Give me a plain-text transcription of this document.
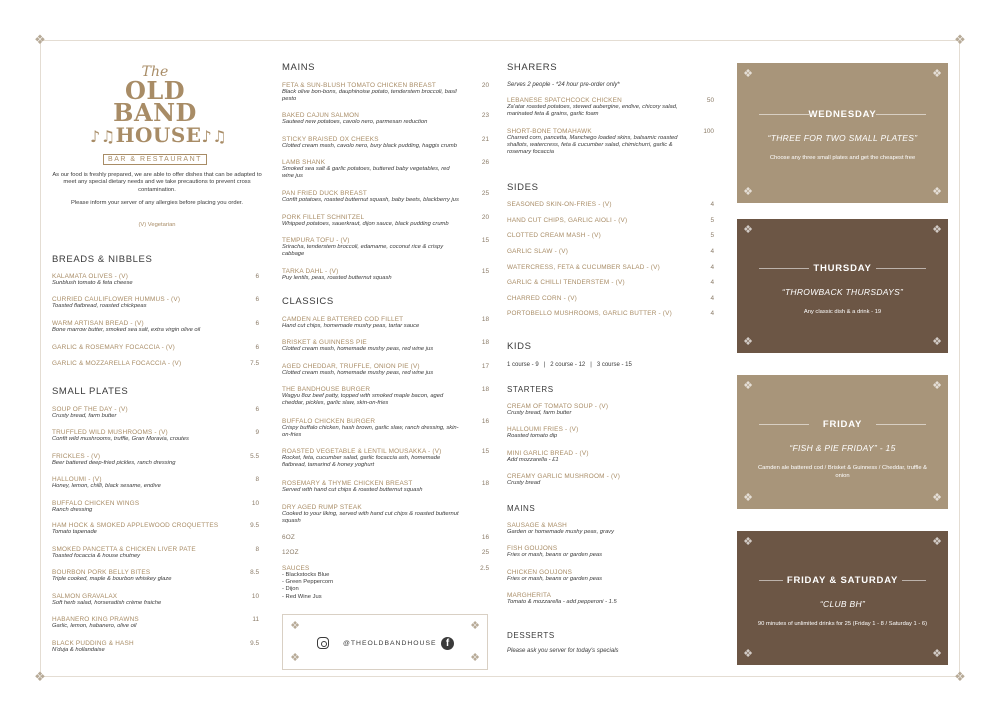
❖	❖
❖	❖
The
OLD BAND
♪♫HOUSE♪♫
BAR & RESTAURANT

As our food is freshly prepared, we are able to offer dishes that can be adapted to meet any special dietary needs and we take precautions to prevent cross contamination.

Please inform your server of any allergies before placing you order.

(V) Vegetarian

BREADS & NIBBLES
KALAMATA OLIVES - (V)	6
Sunblush tomato & feta cheese
CURRIED CAULIFLOWER HUMMUS - (V)	6
Toasted flatbread, roasted chickpeas
WARM ARTISAN BREAD - (V)	6
Bone marrow butter, smoked sea salt, extra virgin olive oil
GARLIC & ROSEMARY FOCACCIA - (V)	6
GARLIC & MOZZARELLA FOCACCIA - (V)	7.5
SMALL PLATES
SOUP OF THE DAY - (V)	6
Crusty bread, farm butter
TRUFFLED WILD MUSHROOMS - (V)	9
Confit wild mushrooms, truffle, Gran Moravia, croutes
FRICKLES - (V)	5.5
Beer battered deep-fried pickles, ranch dressing
HALLOUMI - (V)	8
Honey, lemon, chilli, black sesame, endive
BUFFALO CHICKEN WINGS	10
Ranch dressing
HAM HOCK & SMOKED APPLEWOOD CROQUETTES	9.5
Tomato tapenade
SMOKED PANCETTA & CHICKEN LIVER PATE	8
Toasted focaccia & house chutney
BOURBON PORK BELLY BITES	8.5
Triple cooked, maple & bourbon whiskey glaze
SALMON GRAVALAX	10
Soft herb salad, horseradish crème fraiche
HABANERO KING PRAWNS	11
Garlic, lemon, habanero, olive oil
BLACK PUDDING & HASH	9.5
N'duja & hollandaise
MAINS
FETA & SUN-BLUSH TOMATO CHICKEN BREAST	20
Black olive bon-bons, dauphinoise potato, tenderstem broccoli, basil pesto
BAKED CAJUN SALMON	23
Sauteed new potatoes, cavolo nero, parmesan reduction
STICKY BRAISED OX CHEEKS	21
Clotted cream mash, cavolo nero, bury black pudding, haggis crumb
LAMB SHANK	26
Smoked sea salt & garlic potatoes, buttered baby vegetables, red wine jus
PAN FRIED DUCK BREAST	25
Confit potatoes, roasted butternut squash, baby beets, blackberry jus
PORK FILLET SCHNITZEL	20
Whipped potatoes, sauerkraut, dijon sauce, black pudding crumb
TEMPURA TOFU - (V)	15
Sriracha, tenderstem broccoli, edamame, coconut rice & crispy cabbage
TARKA DAHL - (V)	15
Puy lentils, peas, roasted butternut squash
CLASSICS
CAMDEN ALE BATTERED COD FILLET	18
Hand cut chips, homemade mushy peas, tartar sauce
BRISKET & GUINNESS PIE	18
Clotted cream mash, homemade mushy peas, red wine jus
AGED CHEDDAR, TRUFFLE, ONION PIE (V)	17
Clotted cream mash, homemade mushy peas, red wine jus
THE BANDHOUSE BURGER	18
Wagyu 8oz beef patty, topped with smoked maple bacon, aged cheddar, pickles, garlic slaw, skin-on-fries
BUFFALO CHICKEN BURGER	16
Crispy buffalo chicken, hash brown, garlic slaw, ranch dressing, skin-on-fries
ROASTED VEGETABLE & LENTIL MOUSAKKA - (V)	15
Rocket, feta, cucumber salad, garlic focaccia ash, homemade flatbread, tamarind & honey yoghurt
ROSEMARY & THYME CHICKEN BREAST	18
Served with hand cut chips & roasted butternut squash
DRY AGED RUMP STEAK
Cooked to your liking, served with hand cut chips & roasted butternut squash
6OZ	16
12OZ	25
SAUCES	2.5
- Blackstocks Blue
- Green Peppercorn
- Dijon
- Red Wine Jus
❖	❖
❖	❖
@THEOLDBANDHOUSE f
SHARERS
Serves 2 people - *24 hour pre-order only*
LEBANESE SPATCHCOCK CHICKEN	50
Za'atar roasted potatoes, stewed aubergine, endive, chicory salad, marinated feta & grains, garlic foam
SHORT-BONE TOMAHAWK	100
Charred corn, pancetta, Manchego loaded skins, balsamic roasted shallots, watercress, feta & cucumber salad, chimichurri, garlic & rosemary focaccia
SIDES
SEASONED SKIN-ON-FRIES - (V)	4
HAND CUT CHIPS, GARLIC AIOLI - (V)	5
CLOTTED CREAM MASH - (V)	5
GARLIC SLAW - (V)	4
WATERCRESS, FETA & CUCUMBER SALAD - (V)	4
GARLIC & CHILLI TENDERSTEM - (V)	4
CHARRED CORN - (V)	4
PORTOBELLO MUSHROOMS, GARLIC BUTTER - (V)	4
KIDS
1 course - 9   |   2 course - 12   |   3 course - 15
STARTERS
CREAM OF TOMATO SOUP - (V)
Crusty bread, farm butter
HALLOUMI FRIES - (V)
Roasted tomato dip
MINI GARLIC BREAD - (V)
Add mozzarella - £1
CREAMY GARLIC MUSHROOM - (V)
Crusty bread
MAINS
SAUSAGE & MASH
Garden or homemade mushy peas, gravy
FISH GOUJONS
Fries or mash, beans or garden peas
CHICKEN GOUJONS
Fries or mash, beans or garden peas
MARGHERITA
Tomato & mozzarella - add pepperoni - 1.5
DESSERTS
Please ask you server for today's specials
❖	❖
❖	❖
WEDNESDAY
“THREE FOR TWO SMALL PLATES”
Choose any three small plates and get the cheapest free
❖	❖
❖	❖
THURSDAY
“THROWBACK THURSDAYS”
Any classic dish & a drink - 19
❖	❖
❖	❖
FRIDAY
“FISH & PIE FRIDAY” - 15
Camden ale battered cod / Brisket & Guinness / Cheddar, truffle & onion
❖	❖
❖	❖
FRIDAY & SATURDAY
“CLUB BH”
90 minutes of unlimited drinks for 25 (Friday 1 - 8 / Saturday 1 - 6)
